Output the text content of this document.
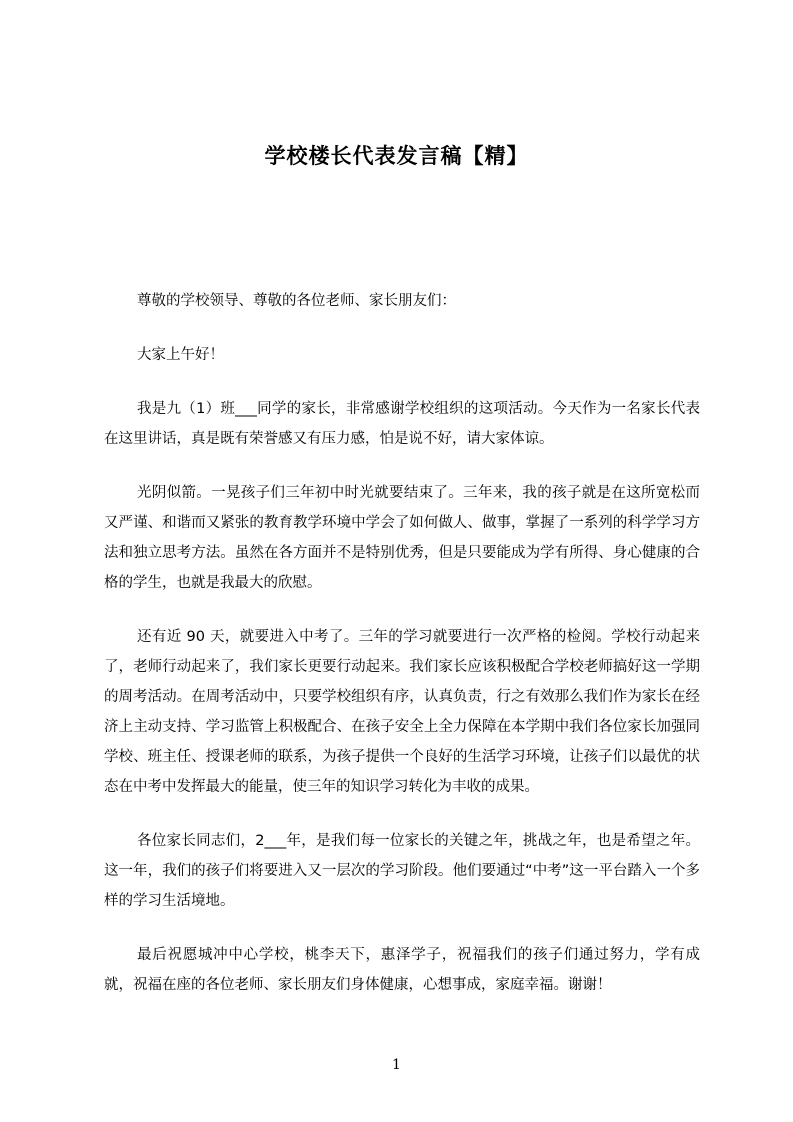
学校楼长代表发言稿【精】

尊敬的学校领导、尊敬的各位老师、家长朋友们：

大家上午好！

我是九（1）班___同学的家长，非常感谢学校组织的这项活动。今天作为一名家长代表在这里讲话，真是既有荣誉感又有压力感，怕是说不好，请大家体谅。

光阴似箭。一晃孩子们三年初中时光就要结束了。三年来，我的孩子就是在这所宽松而又严谨、和谐而又紧张的教育教学环境中学会了如何做人、做事，掌握了一系列的科学学习方法和独立思考方法。虽然在各方面并不是特别优秀，但是只要能成为学有所得、身心健康的合格的学生，也就是我最大的欣慰。

还有近 90 天，就要进入中考了。三年的学习就要进行一次严格的检阅。学校行动起来了，老师行动起来了，我们家长更要行动起来。我们家长应该积极配合学校老师搞好这一学期的周考活动。在周考活动中，只要学校组织有序，认真负责，行之有效那么我们作为家长在经济上主动支持、学习监管上积极配合、在孩子安全上全力保障在本学期中我们各位家长加强同学校、班主任、授课老师的联系，为孩子提供一个良好的生活学习环境，让孩子们以最优的状态在中考中发挥最大的能量，使三年的知识学习转化为丰收的成果。

各位家长同志们，2___年，是我们每一位家长的关键之年，挑战之年，也是希望之年。这一年，我们的孩子们将要进入又一层次的学习阶段。他们要通过“中考”这一平台踏入一个多样的学习生活境地。

最后祝愿城冲中心学校，桃李天下，惠泽学子，祝福我们的孩子们通过努力，学有成就，祝福在座的各位老师、家长朋友们身体健康，心想事成，家庭幸福。谢谢！

1
